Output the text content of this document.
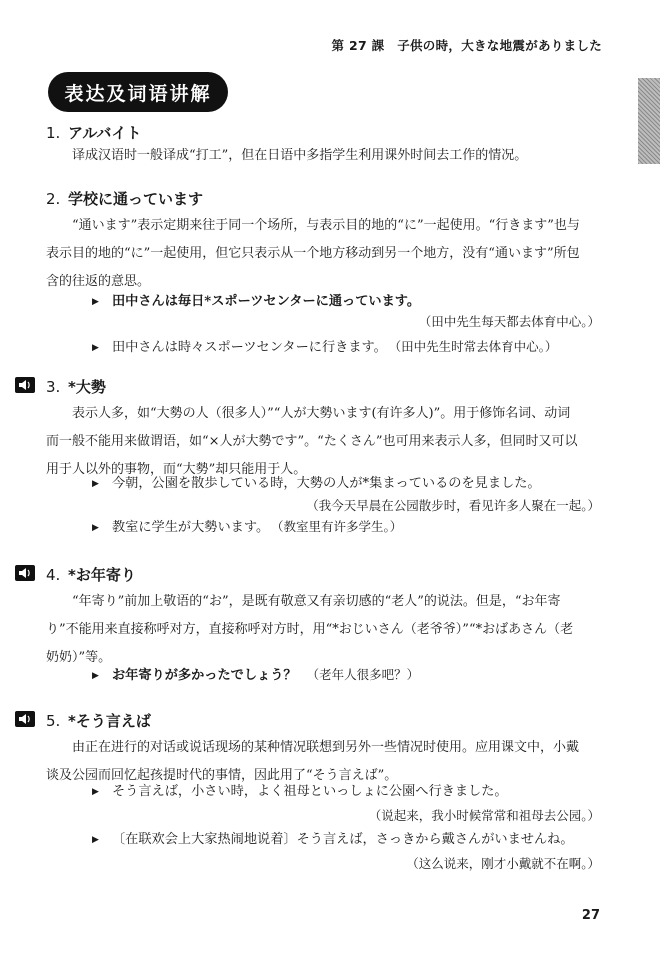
第 27 課　子供の時，大きな地震がありました
表达及词语讲解
1. アルバイト
译成汉语时一般译成“打工”，但在日语中多指学生利用课外时间去工作的情况。
2. 学校に通っています
“通います”表示定期来往于同一个场所，与表示目的地的“に”一起使用。“行きます”也与表示目的地的“に”一起使用，但它只表示从一个地方移动到另一个地方，没有“通います”所包含的往返的意思。
▶ 田中さんは毎日*スポーツセンターに通っています。
（田中先生每天都去体育中心。）
▶ 田中さんは時々スポーツセンターに行きます。 （田中先生时常去体育中心。）
3. *大勢
表示人多，如“大勢の人（很多人）”“人が大勢います(有许多人)”。用于修饰名词、动词而一般不能用来做谓语，如“×人が大勢です”。“たくさん”也可用来表示人多，但同时又可以用于人以外的事物，而“大勢”却只能用于人。
▶ 今朝，公園を散歩している時，大勢の人が*集まっているのを見ました。
（我今天早晨在公园散步时，看见许多人聚在一起。）
▶ 教室に学生が大勢います。 （教室里有许多学生。）
4. *お年寄り
“年寄り”前加上敬语的“お”，是既有敬意又有亲切感的“老人”的说法。但是，“お年寄り”不能用来直接称呼对方，直接称呼对方时，用“*おじいさん（老爷爷）”“*おばあさん（老奶奶）”等。
▶ お年寄りが多かったでしょう？ （老年人很多吧？）
5. *そう言えば
由正在进行的对话或说话现场的某种情况联想到另外一些情况时使用。应用课文中，小戴谈及公园而回忆起孩提时代的事情，因此用了“そう言えば”。
▶ そう言えば，小さい時，よく祖母といっしょに公園へ行きました。
（说起来，我小时候常常和祖母去公园。）
▶ 〔在联欢会上大家热闹地说着〕そう言えば，さっきから戴さんがいませんね。
（这么说来，刚才小戴就不在啊。）
27
